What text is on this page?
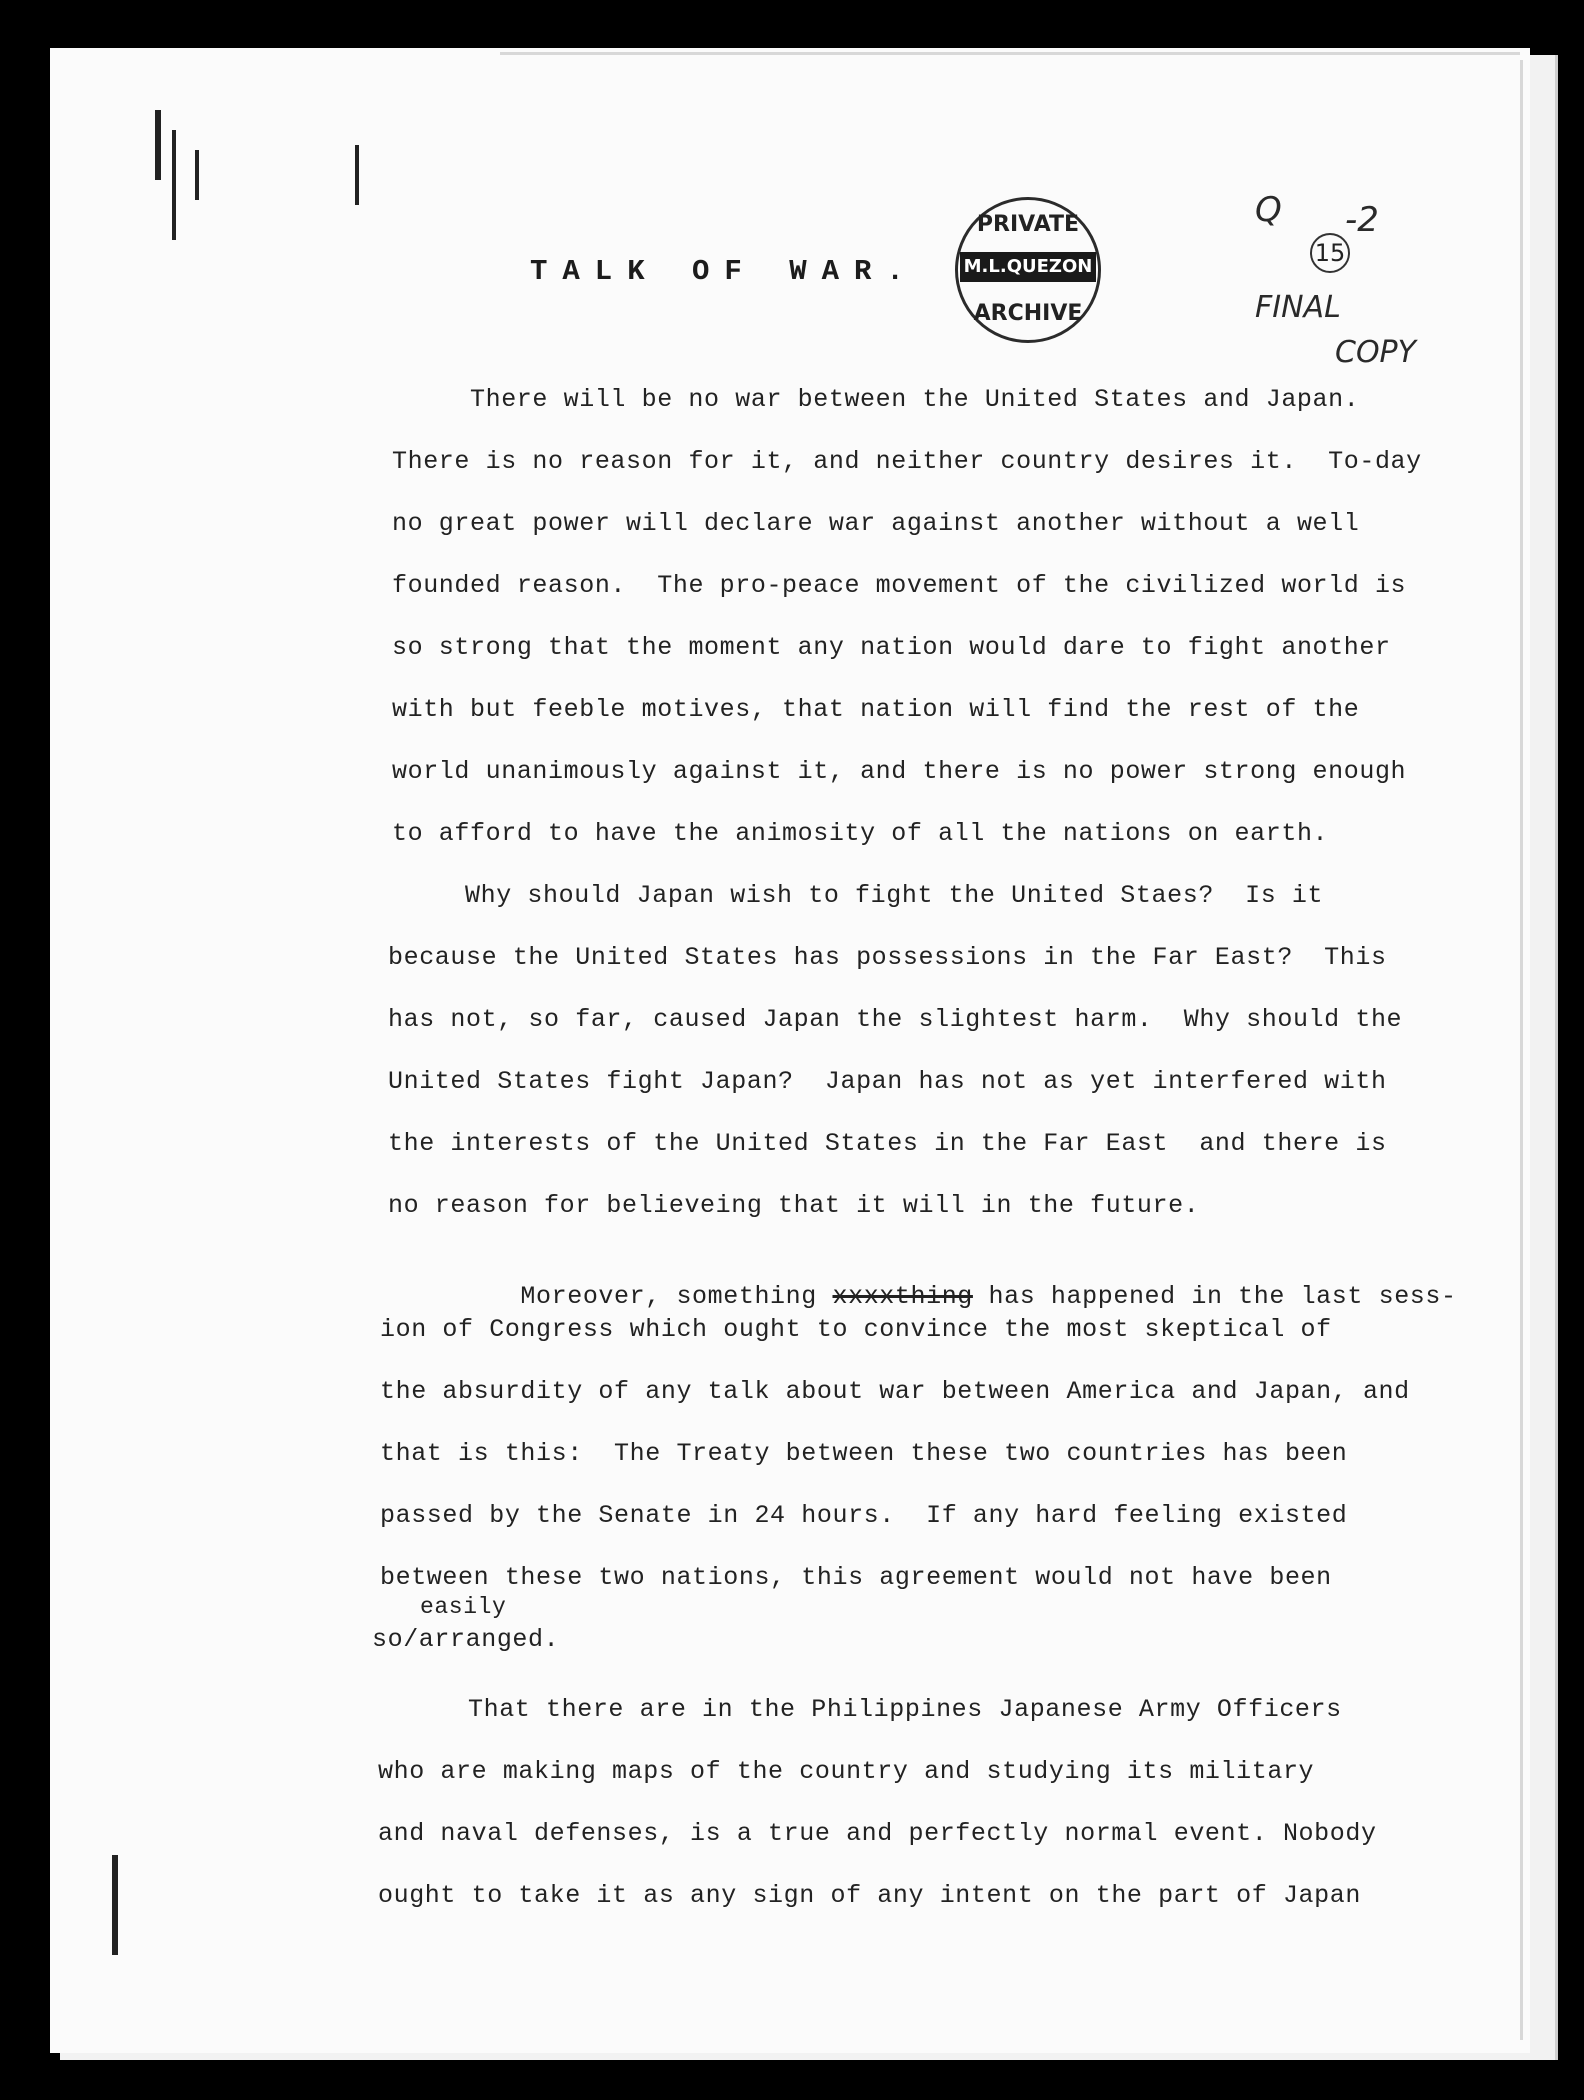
TALK OF WAR.
PRIVATE
M.L.QUEZON
ARCHIVE
Q -2
15
FINAL
COPY
There will be no war between the United States and Japan.
There is no reason for it, and neither country desires it.  To-day
no great power will declare war against another without a well
founded reason.  The pro-peace movement of the civilized world is
so strong that the moment any nation would dare to fight another
with but feeble motives, that nation will find the rest of the
world unanimously against it, and there is no power strong enough
to afford to have the animosity of all the nations on earth.
Why should Japan wish to fight the United Staes?  Is it
because the United States has possessions in the Far East?  This
has not, so far, caused Japan the slightest harm.  Why should the
United States fight Japan?  Japan has not as yet interfered with
the interests of the United States in the Far East  and there is
no reason for believeing that it will in the future.

Moreover, something xxxxthing has happened in the last sess-

ion of Congress which ought to convince the most skeptical of
the absurdity of any talk about war between America and Japan, and
that is this:  The Treaty between these two countries has been
passed by the Senate in 24 hours.  If any hard feeling existed
between these two nations, this agreement would not have been
easily
so/arranged.
That there are in the Philippines Japanese Army Officers
who are making maps of the country and studying its military
and naval defenses, is a true and perfectly normal event. Nobody
ought to take it as any sign of any intent on the part of Japan
